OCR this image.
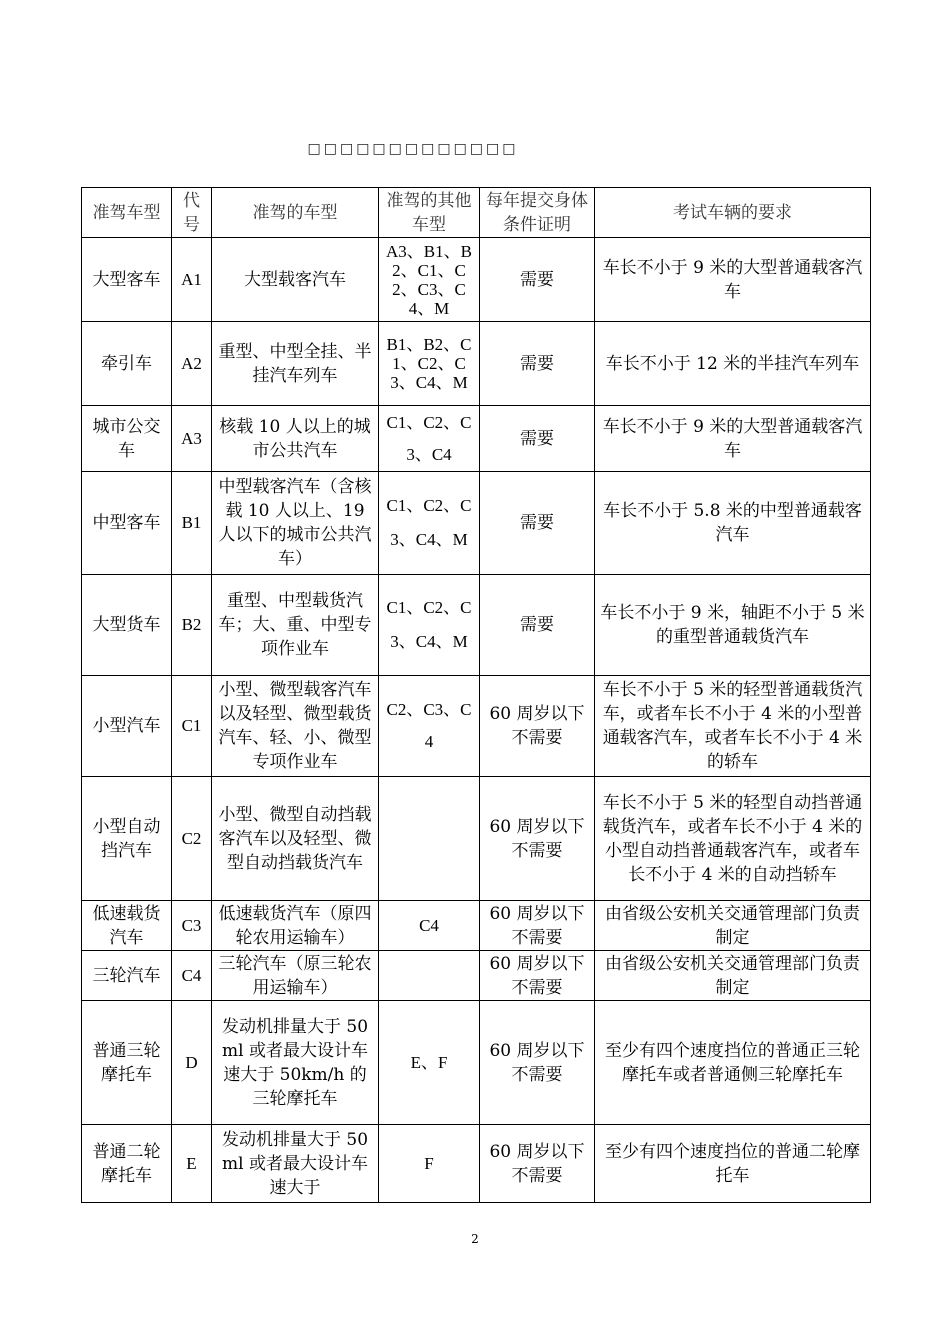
□□□□□□□□□□□□□
准驾车型	代号	准驾的车型	准驾的其他车型	每年提交身体条件证明	考试车辆的要求
大型客车	A1	大型载客汽车	A3、B1、B2、C1、C2、C3、C4、M	需要	车长不小于 9 米的大型普通载客汽车
牵引车	A2	重型、中型全挂、半挂汽车列车	B1、B2、C1、C2、C3、C4、M	需要	车长不小于 12 米的半挂汽车列车
城市公交车	A3	核载 10 人以上的城市公共汽车	C1、C2、C3、C4	需要	车长不小于 9 米的大型普通载客汽车
中型客车	B1	中型载客汽车（含核载 10 人以上、19 人以下的城市公共汽车）	C1、C2、C3、C4、M	需要	车长不小于 5.8 米的中型普通载客汽车
大型货车	B2	重型、中型载货汽车；大、重、中型专项作业车	C1、C2、C3、C4、M	需要	车长不小于 9 米，轴距不小于 5 米的重型普通载货汽车
小型汽车	C1	小型、微型载客汽车以及轻型、微型载货汽车、轻、小、微型专项作业车	C2、C3、C4	60 周岁以下不需要	车长不小于 5 米的轻型普通载货汽车，或者车长不小于 4 米的小型普通载客汽车，或者车长不小于 4 米的轿车
小型自动挡汽车	C2	小型、微型自动挡载客汽车以及轻型、微型自动挡载货汽车		60 周岁以下不需要	车长不小于 5 米的轻型自动挡普通载货汽车，或者车长不小于 4 米的小型自动挡普通载客汽车，或者车长不小于 4 米的自动挡轿车
低速载货汽车	C3	低速载货汽车（原四轮农用运输车）	C4	60 周岁以下不需要	由省级公安机关交通管理部门负责制定
三轮汽车	C4	三轮汽车（原三轮农用运输车）		60 周岁以下不需要	由省级公安机关交通管理部门负责制定
普通三轮摩托车	D	发动机排量大于 50ml 或者最大设计车速大于 50km/h 的三轮摩托车	E、F	60 周岁以下不需要	至少有四个速度挡位的普通正三轮摩托车或者普通侧三轮摩托车
普通二轮摩托车	E	发动机排量大于 50ml 或者最大设计车速大于	F	60 周岁以下不需要	至少有四个速度挡位的普通二轮摩托车
2
